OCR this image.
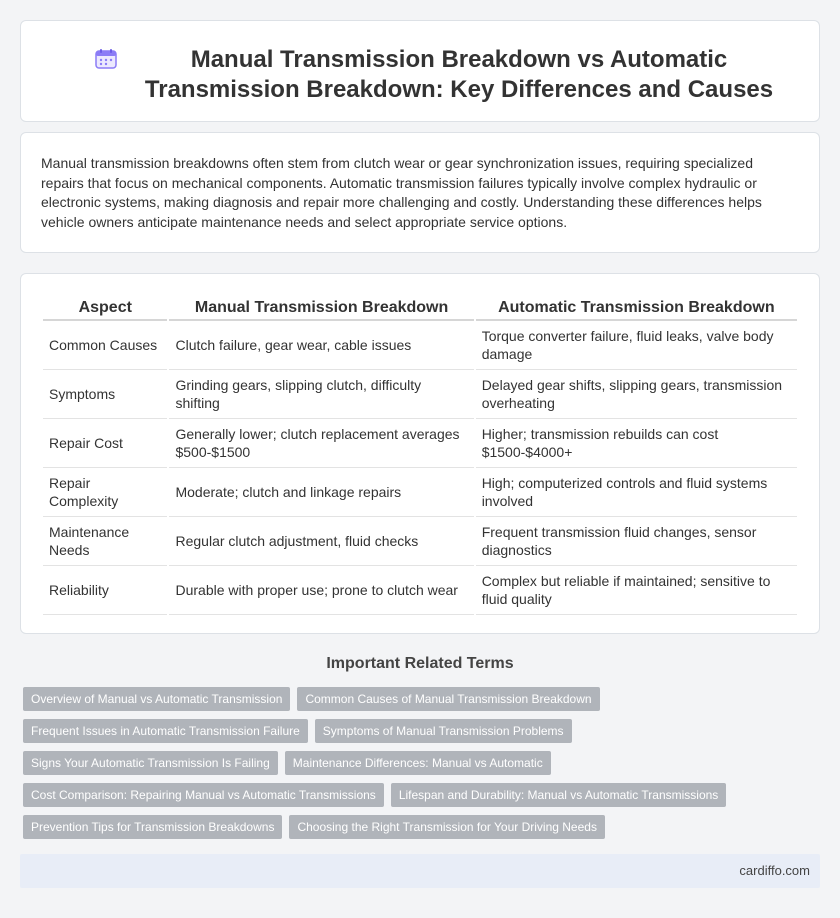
Manual Transmission Breakdown vs Automatic Transmission Breakdown: Key Differences and Causes

Manual transmission breakdowns often stem from clutch wear or gear synchronization issues, requiring specialized repairs that focus on mechanical components. Automatic transmission failures typically involve complex hydraulic or electronic systems, making diagnosis and repair more challenging and costly. Understanding these differences helps vehicle owners anticipate maintenance needs and select appropriate service options.

Aspect	Manual Transmission Breakdown	Automatic Transmission Breakdown
Common Causes	Clutch failure, gear wear, cable issues	Torque converter failure, fluid leaks, valve body damage
Symptoms	Grinding gears, slipping clutch, difficulty shifting	Delayed gear shifts, slipping gears, transmission overheating
Repair Cost	Generally lower; clutch replacement averages $500-$1500	Higher; transmission rebuilds can cost $1500-$4000+
Repair Complexity	Moderate; clutch and linkage repairs	High; computerized controls and fluid systems involved
Maintenance Needs	Regular clutch adjustment, fluid checks	Frequent transmission fluid changes, sensor diagnostics
Reliability	Durable with proper use; prone to clutch wear	Complex but reliable if maintained; sensitive to fluid quality
Important Related Terms
Overview of Manual vs Automatic Transmission	Common Causes of Manual Transmission Breakdown
Frequent Issues in Automatic Transmission Failure	Symptoms of Manual Transmission Problems
Signs Your Automatic Transmission Is Failing	Maintenance Differences: Manual vs Automatic
Cost Comparison: Repairing Manual vs Automatic Transmissions	Lifespan and Durability: Manual vs Automatic Transmissions
Prevention Tips for Transmission Breakdowns	Choosing the Right Transmission for Your Driving Needs
cardiffo.com
